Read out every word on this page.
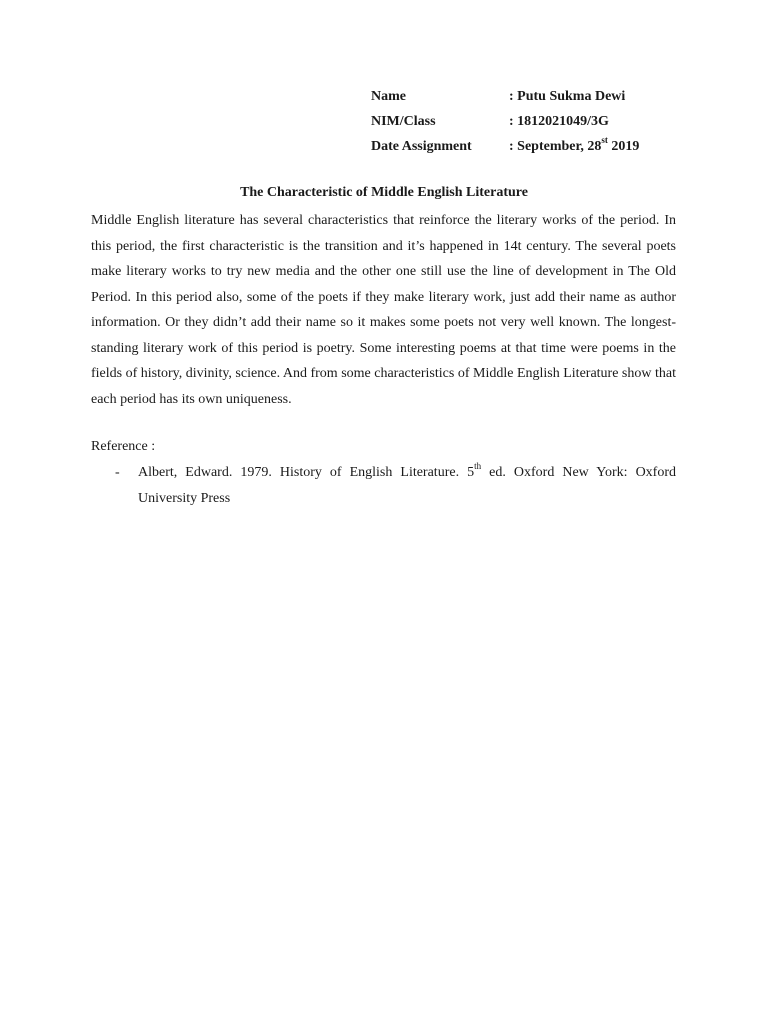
Name	: Putu Sukma Dewi
NIM/Class	: 1812021049/3G
Date Assignment	: September, 28st 2019
The Characteristic of Middle English Literature

Middle English literature has several characteristics that reinforce the literary works of the period. In this period, the first characteristic is the transition and it’s happened in 14t century. The several poets make literary works to try new media and the other one still use the line of development in The Old Period. In this period also, some of the poets if they make literary work, just add their name as author information. Or they didn’t add their name so it makes some poets not very well known. The longest-standing literary work of this period is poetry. Some interesting poems at that time were poems in the fields of history, divinity, science. And from some characteristics of Middle English Literature show that each period has its own uniqueness.

Reference :
-	Albert, Edward. 1979. History of English Literature. 5th ed. Oxford New York: Oxford University Press
